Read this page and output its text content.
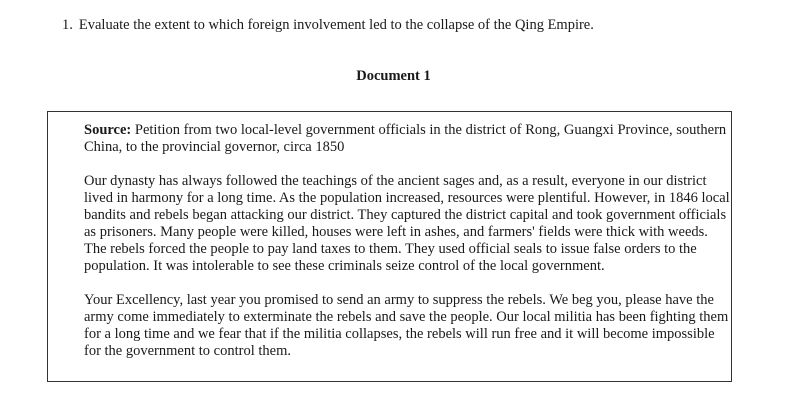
1. Evaluate the extent to which foreign involvement led to the collapse of the Qing Empire.
Document 1

Source: Petition from two local-level government officials in the district of Rong, Guangxi Province, southern China, to the provincial governor, circa 1850

Our dynasty has always followed the teachings of the ancient sages and, as a result, everyone in our district lived in harmony for a long time. As the population increased, resources were plentiful. However, in 1846 local bandits and rebels began attacking our district. They captured the district capital and took government officials as prisoners. Many people were killed, houses were left in ashes, and farmers' fields were thick with weeds. The rebels forced the people to pay land taxes to them. They used official seals to issue false orders to the population. It was intolerable to see these criminals seize control of the local government.

Your Excellency, last year you promised to send an army to suppress the rebels. We beg you, please have the army come immediately to exterminate the rebels and save the people. Our local militia has been fighting them for a long time and we fear that if the militia collapses, the rebels will run free and it will become impossible for the government to control them.
